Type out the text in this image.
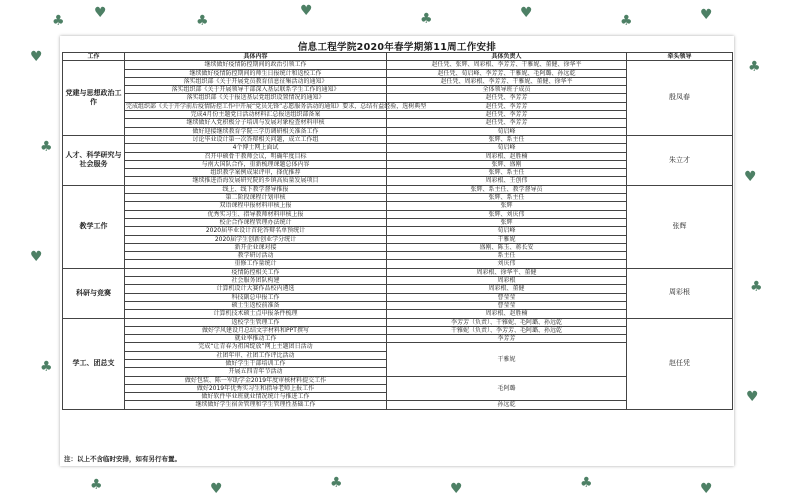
♣ ♥	♣
♥	♣	♥	♣	♥
♥
♣
♥
♣
♣
♥
♣
♥
♣	♥	♣	♥	♣	♥
信息工程学院2020年春学期第11周工作安排
工作	具体内容	具体负责人	牵头领导
党建与思想政治工作	继续做好疫情防控期间的政治引领工作	赵任凭、张辉、周彩根、李芳芳、干雅妮、董健、徐华平	殷凤春
	继续做好疫情防控期间的师生日报统计和返校工作	赵任凭、荀启峰、李芳芳、干雅妮、毛阿璐、孙远乾	
	落实组织部《关于开展党员教育信息征集活动的通知》	赵任凭、周彩根、李芳芳、干雅妮、董健、徐华平	
	落实组织部《关于开展领导干部深入基层联系学生工作的通知》	全体领导班子成员	
	落实组织部《关于报送基层党组织设置情况的通知》	赵任凭、李芳芳	
	完成组织部《关于开学前后疫情防控工作中开展“党员先锋”志愿服务活动的通知》要求，总结有益经验，选树典型	赵任凭、李芳芳	
	完成4月份主题党日活动材料汇总报送组织部备案	赵任凭、李芳芳	
	继续做好入党积极分子培训与发展对象检查材料审核	赵任凭、李芳芳	
	做好迎接继续教育学院三学历调研相关准备工作	荀启峰	
人才、科学研究与社会服务	讨论毕业设计第一次答辩相关问题，成立工作组	张辉、系主任	朱立才
	4个博士网上面试	荀启峰	
	召开申硕骨干教师会议，明确年度目标	周彩根、赵胜楠	
	与南大国队合作，重新梳理课题总体内容	张辉、盛刚	
	组织教学案例成果评审，择优推荐	张辉、系主任	
	继续推进沿海发展研究院的乡镇高质量发展项目	周彩根、王创伟	
教学工作	线上、线下教学督导推报	张辉、系主任、教学督导员	张辉
	第二阶段课程计划审核	张辉、系主任	
	双语课程申报材料审核上报	张辉	
	优秀实习生、指导教师材料审核上报	张辉、刘庆伟	
	校企合作课程管理办法统计	张辉	
	2020届毕业设计首轮答辩名单预统计	荀启峰	
	2020届学生创新创业学分统计	干雅妮	
	新开企业课对接	盛刚、陈玉、蒋长安	
	教学研讨活动	系主任	
	重修工作量统计	刘庆伟	
科研与竞赛	疫情防控相关工作	周彩根、徐华平、董健	周彩根
	社会服务团队构建	周彩根	
	计算机设计大赛作品校内遴选	周彩根、董健	
	科技副总申报工作	曹莹莹	
	硕士生返校前准备	曹莹莹	
	计算机技术硕士点申报条件梳理	周彩根、赵胜楠	
学工、团总支	返校学生管理工作	李芳芳（负责）、干雅妮、毛阿璐、孙远乾	赵任凭
	做好学风建设月总结文字材料和PPT撰写	干雅妮（负责）、李芳芳、毛阿璐、孙远乾	
	就业率推动工作	李芳芳	
	完成“让青春为祖国绽放”网上主题团日活动	干雅妮	
	社团年审、社团工作评比活动		
	做好学生干部培训工作		
	开展五四青年节活动		
	做好包装、陈一军助学金2019年度审核材料提交工作	毛阿璐	
	做好2019年优秀实习生和指导老师上报工作		
	做好软件毕业班就业情况统计与推进工作		
	继续做好学生宿舍管理和学生管理性基础工作	孙远乾	
注：以上不含临时安排，如有另行布置。
